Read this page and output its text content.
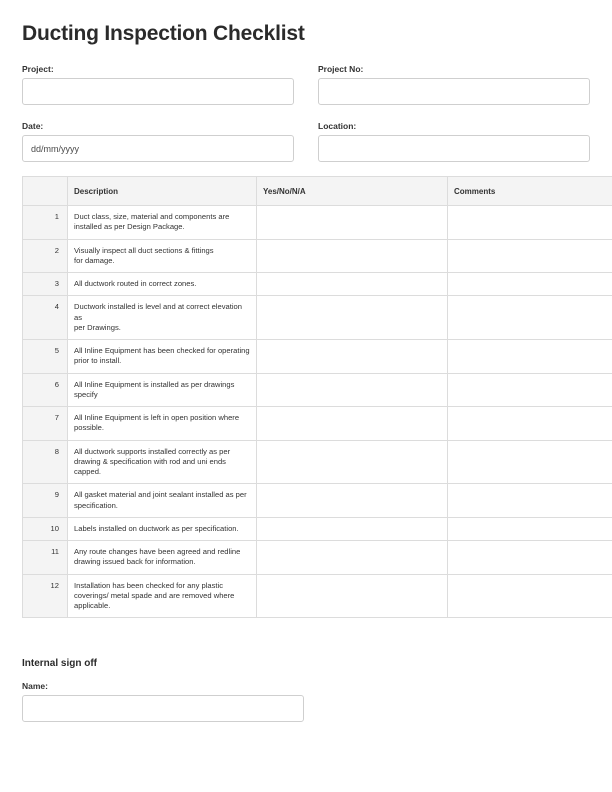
Ducting Inspection Checklist
Project:	Project No:
Date:
dd/mm/yyyy	Location:
	Description	Yes/No/N/A	Comments
1	Duct class, size, material and components are
installed as per Design Package.		
2	Visually inspect all duct sections & fittings
for damage.		
3	All ductwork routed in correct zones.		
4	Ductwork installed is level and at correct elevation as
per Drawings.		
5	All Inline Equipment has been checked for operating
prior to install.		
6	All Inline Equipment is installed as per drawings
specify		
7	All Inline Equipment is left in open position where
possible.		
8	All ductwork supports installed correctly as per
drawing & specification with rod and uni ends capped.		
9	All gasket material and joint sealant installed as per
specification.		
10	Labels installed on ductwork as per specification.		
11	Any route changes have been agreed and redline
drawing issued back for information.		
12	Installation has been checked for any plastic
coverings/ metal spade and are removed where
applicable.		
Internal sign off
Name:
